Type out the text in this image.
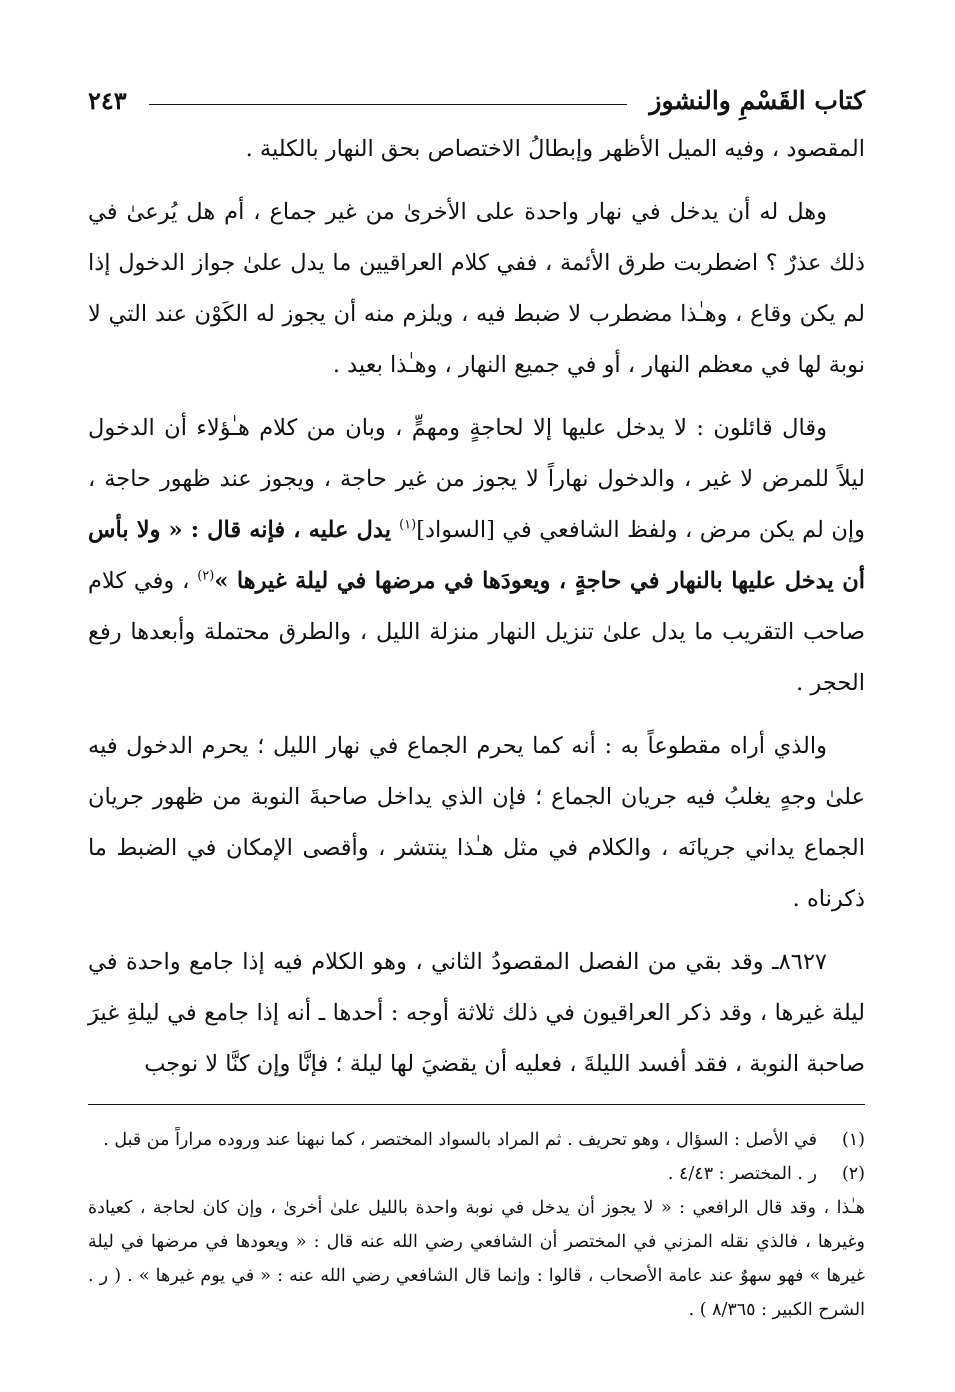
كتاب القَسْمِ والنشوز
٢٤٣

المقصود ، وفيه الميل الأظهر وإبطالُ الاختصاص بحق النهار بالكلية .

وهل له أن يدخل في نهار واحدة على الأخرىٰ من غير جماع ، أم هل يُرعىٰ في ذلك عذرٌ ؟ اضطربت طرق الأئمة ، ففي كلام العراقيين ما يدل علىٰ جواز الدخول إذا لم يكن وقاع ، وهـٰذا مضطرب لا ضبط فيه ، ويلزم منه أن يجوز له الكَوْن عند التي لا نوبة لها في معظم النهار ، أو في جميع النهار ، وهـٰذا بعيد .

وقال قائلون : لا يدخل عليها إلا لحاجةٍ ومهمٍّ ، وبان من كلام هـٰؤلاء أن الدخول ليلاً للمرض لا غير ، والدخول نهاراً لا يجوز من غير حاجة ، ويجوز عند ظهور حاجة ، وإن لم يكن مرض ، ولفظ الشافعي في [السواد]$^{(١)}$ يدل عليه ، فإنه قال : « ولا بأس أن يدخل عليها بالنهار في حاجةٍ ، ويعودَها في مرضها في ليلة غيرها »$^{(٢)}$ ، وفي كلام صاحب التقريب ما يدل علىٰ تنزيل النهار منزلة الليل ، والطرق محتملة وأبعدها رفع الحجر .

والذي أراه مقطوعاً به : أنه كما يحرم الجماع في نهار الليل ؛ يحرم الدخول فيه علىٰ وجهٍ يغلبُ فيه جريان الجماع ؛ فإن الذي يداخل صاحبةَ النوبة من ظهور جريان الجماع يداني جريانَه ، والكلام في مثل هـٰذا ينتشر ، وأقصى الإمكان في الضبط ما ذكرناه .

٨٦٢٧ـ وقد بقي من الفصل المقصودُ الثاني ، وهو الكلام فيه إذا جامع واحدة في ليلة غيرها ، وقد ذكر العراقيون في ذلك ثلاثة أوجه : أحدها ـ أنه إذا جامع في ليلةِ غيرَ صاحبة النوبة ، فقد أفسد الليلةَ ، فعليه أن يقضيَ لها ليلة ؛ فإنَّا وإن كنَّا لا نوجب

(١)
في الأصل : السؤال ، وهو تحريف . ثم المراد بالسواد المختصر ، كما نبهنا عند وروده مراراً من قبل .
(٢)
ر . المختصر : ٤/٤٣ .
هـٰذا ، وقد قال الرافعي : « لا يجوز أن يدخل في نوبة واحدة بالليل علىٰ أخرىٰ ، وإن كان لحاجة ، كعيادة وغيرها ، فالذي نقله المزني في المختصر أن الشافعي رضي الله عنه قال : « ويعودها في مرضها في ليلة غيرها » فهو سهوٌ عند عامة الأصحاب ، قالوا : وإنما قال الشافعي رضي الله عنه : « في يوم غيرها » . ( ر . الشرح الكبير : ٨/٣٦٥ ) .
